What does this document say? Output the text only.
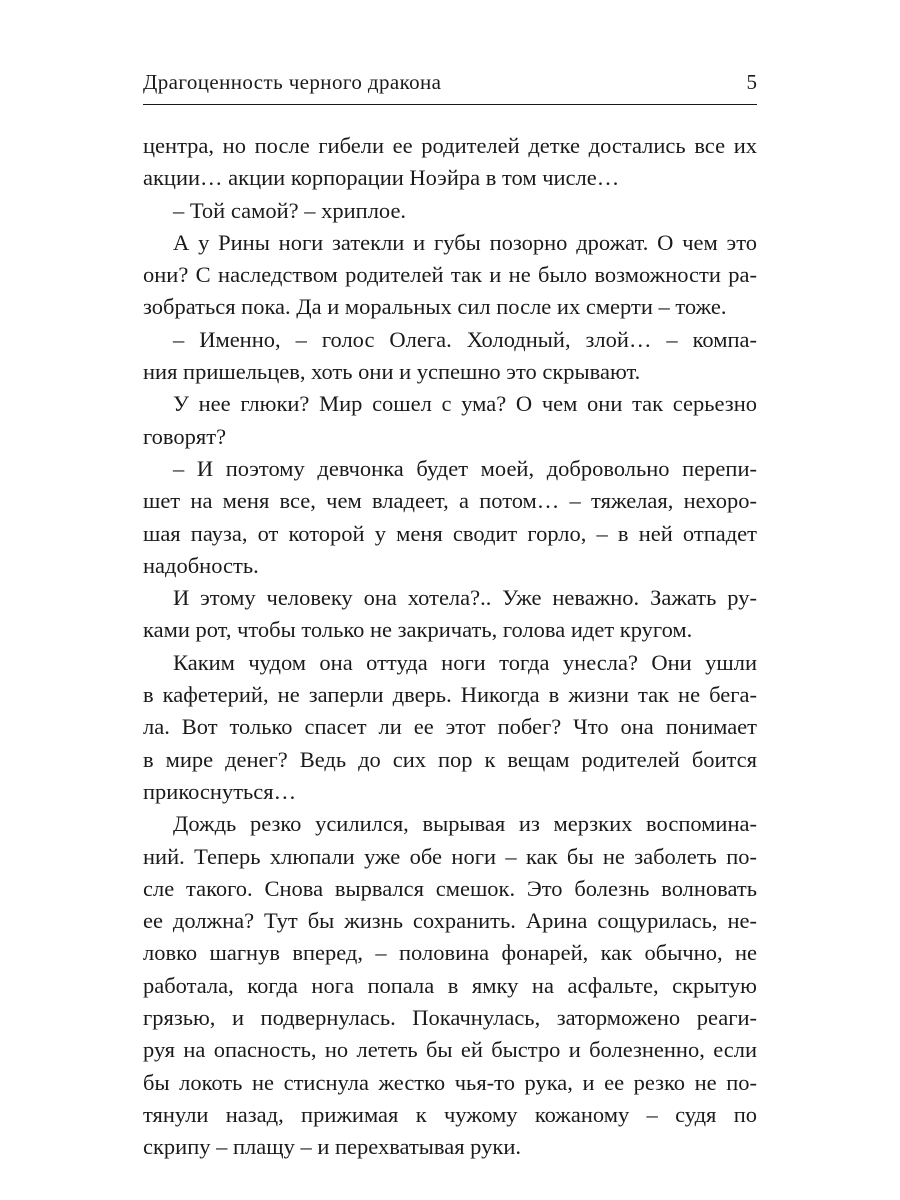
Драгоценность черного дракона	5
центра, но после гибели ее родителей детке достались все их
акции… акции корпорации Ноэйра в том числе…
– Той самой? – хриплое.
А у Рины ноги затекли и губы позорно дрожат. О чем это
они? С наследством родителей так и не было возможности ра-
зобраться пока. Да и моральных сил после их смерти – тоже.
– Именно, – голос Олега. Холодный, злой… – компа-
ния пришельцев, хоть они и успешно это скрывают.
У нее глюки? Мир сошел с ума? О чем они так серьезно
говорят?
– И поэтому девчонка будет моей, добровольно перепи-
шет на меня все, чем владеет, а потом… – тяжелая, нехоро-
шая пауза, от которой у меня сводит горло, – в ней отпадет
надобность.
И этому человеку она хотела?.. Уже неважно. Зажать ру-
ками рот, чтобы только не закричать, голова идет кругом.
Каким чудом она оттуда ноги тогда унесла? Они ушли
в кафетерий, не заперли дверь. Никогда в жизни так не бега-
ла. Вот только спасет ли ее этот побег? Что она понимает
в мире денег? Ведь до сих пор к вещам родителей боится
прикоснуться…
Дождь резко усилился, вырывая из мерзких воспомина-
ний. Теперь хлюпали уже обе ноги – как бы не заболеть по-
сле такого. Снова вырвался смешок. Это болезнь волновать
ее должна? Тут бы жизнь сохранить. Арина сощурилась, не-
ловко шагнув вперед, – половина фонарей, как обычно, не
работала, когда нога попала в ямку на асфальте, скрытую
грязью, и подвернулась. Покачнулась, заторможено реаги-
руя на опасность, но лететь бы ей быстро и болезненно, если
бы локоть не стиснула жестко чья-то рука, и ее резко не по-
тянули назад, прижимая к чужому кожаному – судя по
скрипу – плащу – и перехватывая руки.
